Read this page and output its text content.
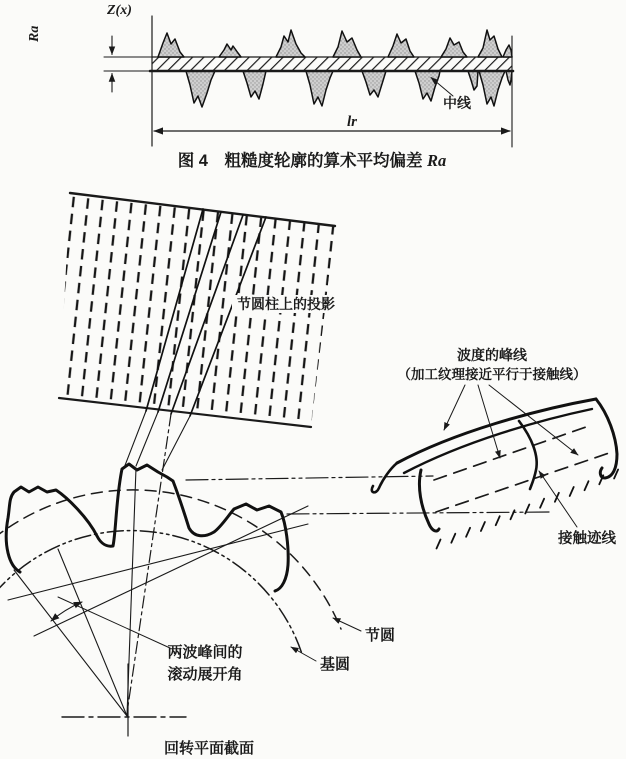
Z(x)
Ra
中线
lr
图 4　粗糙度轮廓的算术平均偏差 Ra
节圆柱上的投影
两波峰间的
滚动展开角
回转平面截面
节圆
基圆
波度的峰线
（加工纹理接近平行于接触线）
接触迹线
